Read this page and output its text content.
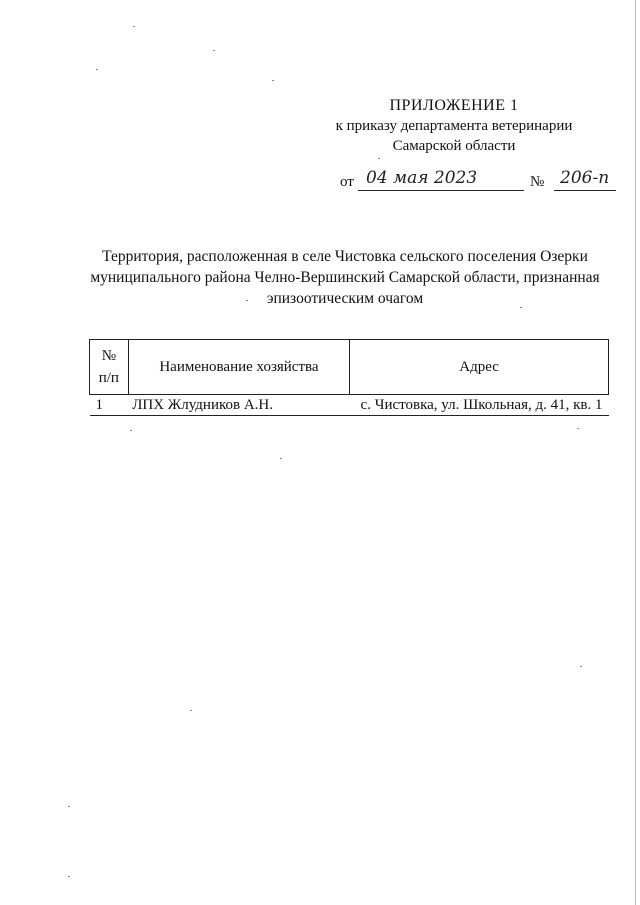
ПРИЛОЖЕНИЕ 1
к приказу департамента ветеринарии
Самарской области
от 04 мая 2023	№ 206-п
Территория, расположенная в селе Чистовка сельского поселения Озерки
муниципального района Челно-Вершинский Самарской области, признанная
эпизоотическим очагом
№
п/п	Наименование хозяйства	Адрес
1	ЛПХ Жлудников А.Н.	с. Чистовка, ул. Школьная, д. 41, кв. 1
